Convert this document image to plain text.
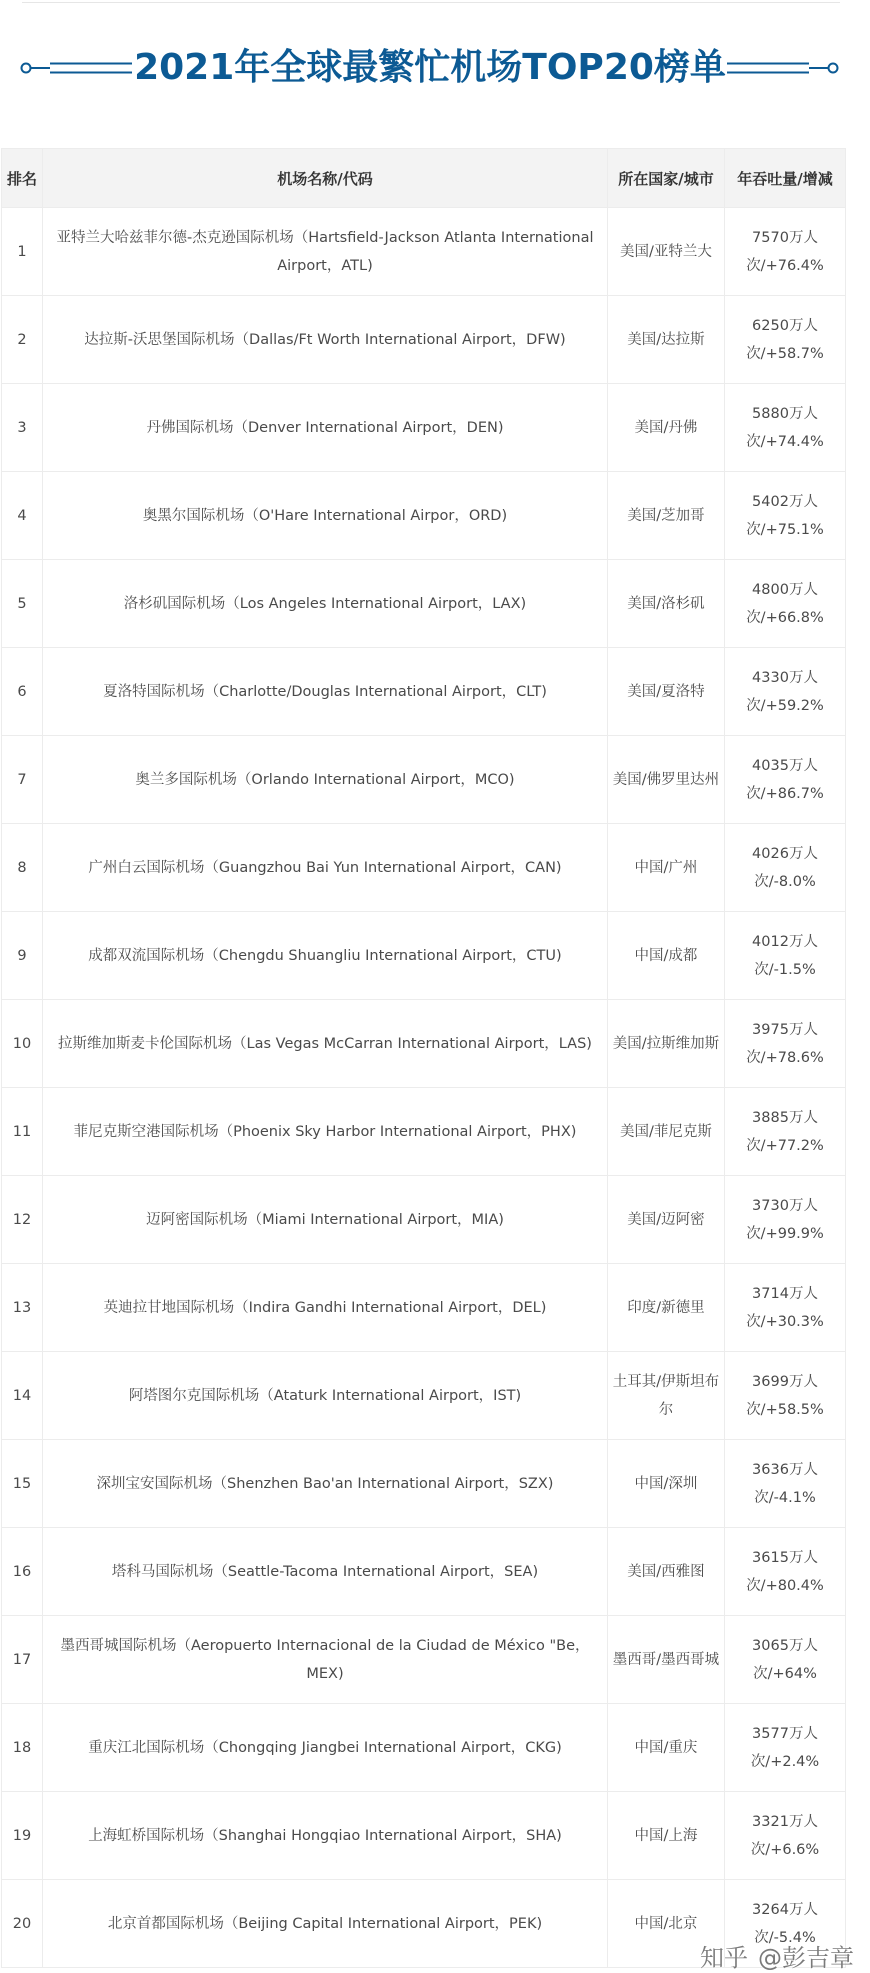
2021年全球最繁忙机场TOP20榜单
排名	机场名称/代码	所在国家/城市	年吞吐量/增减
1	亚特兰大哈兹菲尔德-杰克逊国际机场（Hartsfield-Jackson Atlanta International Airport，ATL)	美国/亚特兰大	7570万人次/+76.4%
2	达拉斯-沃思堡国际机场（Dallas/Ft Worth International Airport，DFW)	美国/达拉斯	6250万人次/+58.7%
3	丹佛国际机场（Denver International Airport，DEN)	美国/丹佛	5880万人次/+74.4%
4	奥黑尔国际机场（O'Hare International Airpor，ORD)	美国/芝加哥	5402万人次/+75.1%
5	洛杉矶国际机场（Los Angeles International Airport，LAX)	美国/洛杉矶	4800万人次/+66.8%
6	夏洛特国际机场（Charlotte/Douglas International Airport，CLT)	美国/夏洛特	4330万人次/+59.2%
7	奥兰多国际机场（Orlando International Airport，MCO)	美国/佛罗里达州	4035万人次/+86.7%
8	广州白云国际机场（Guangzhou Bai Yun International Airport，CAN)	中国/广州	4026万人次/-8.0%
9	成都双流国际机场（Chengdu Shuangliu International Airport，CTU)	中国/成都	4012万人次/-1.5%
10	拉斯维加斯麦卡伦国际机场（Las Vegas McCarran International Airport，LAS)	美国/拉斯维加斯	3975万人次/+78.6%
11	菲尼克斯空港国际机场（Phoenix Sky Harbor International Airport，PHX)	美国/菲尼克斯	3885万人次/+77.2%
12	迈阿密国际机场（Miami International Airport，MIA)	美国/迈阿密	3730万人次/+99.9%
13	英迪拉甘地国际机场（Indira Gandhi International Airport，DEL)	印度/新德里	3714万人次/+30.3%
14	阿塔图尔克国际机场（Ataturk International Airport，IST)	土耳其/伊斯坦布尔	3699万人次/+58.5%
15	深圳宝安国际机场（Shenzhen Bao'an International Airport，SZX)	中国/深圳	3636万人次/-4.1%
16	塔科马国际机场（Seattle-Tacoma International Airport，SEA)	美国/西雅图	3615万人次/+80.4%
17	墨西哥城国际机场（Aeropuerto Internacional de la Ciudad de México "Be，MEX)	墨西哥/墨西哥城	3065万人次/+64%
18	重庆江北国际机场（Chongqing Jiangbei International Airport，CKG)	中国/重庆	3577万人次/+2.4%
19	上海虹桥国际机场（Shanghai Hongqiao International Airport，SHA)	中国/上海	3321万人次/+6.6%
20	北京首都国际机场（Beijing Capital International Airport，PEK)	中国/北京	3264万人次/-5.4%
知乎 @彭吉章
